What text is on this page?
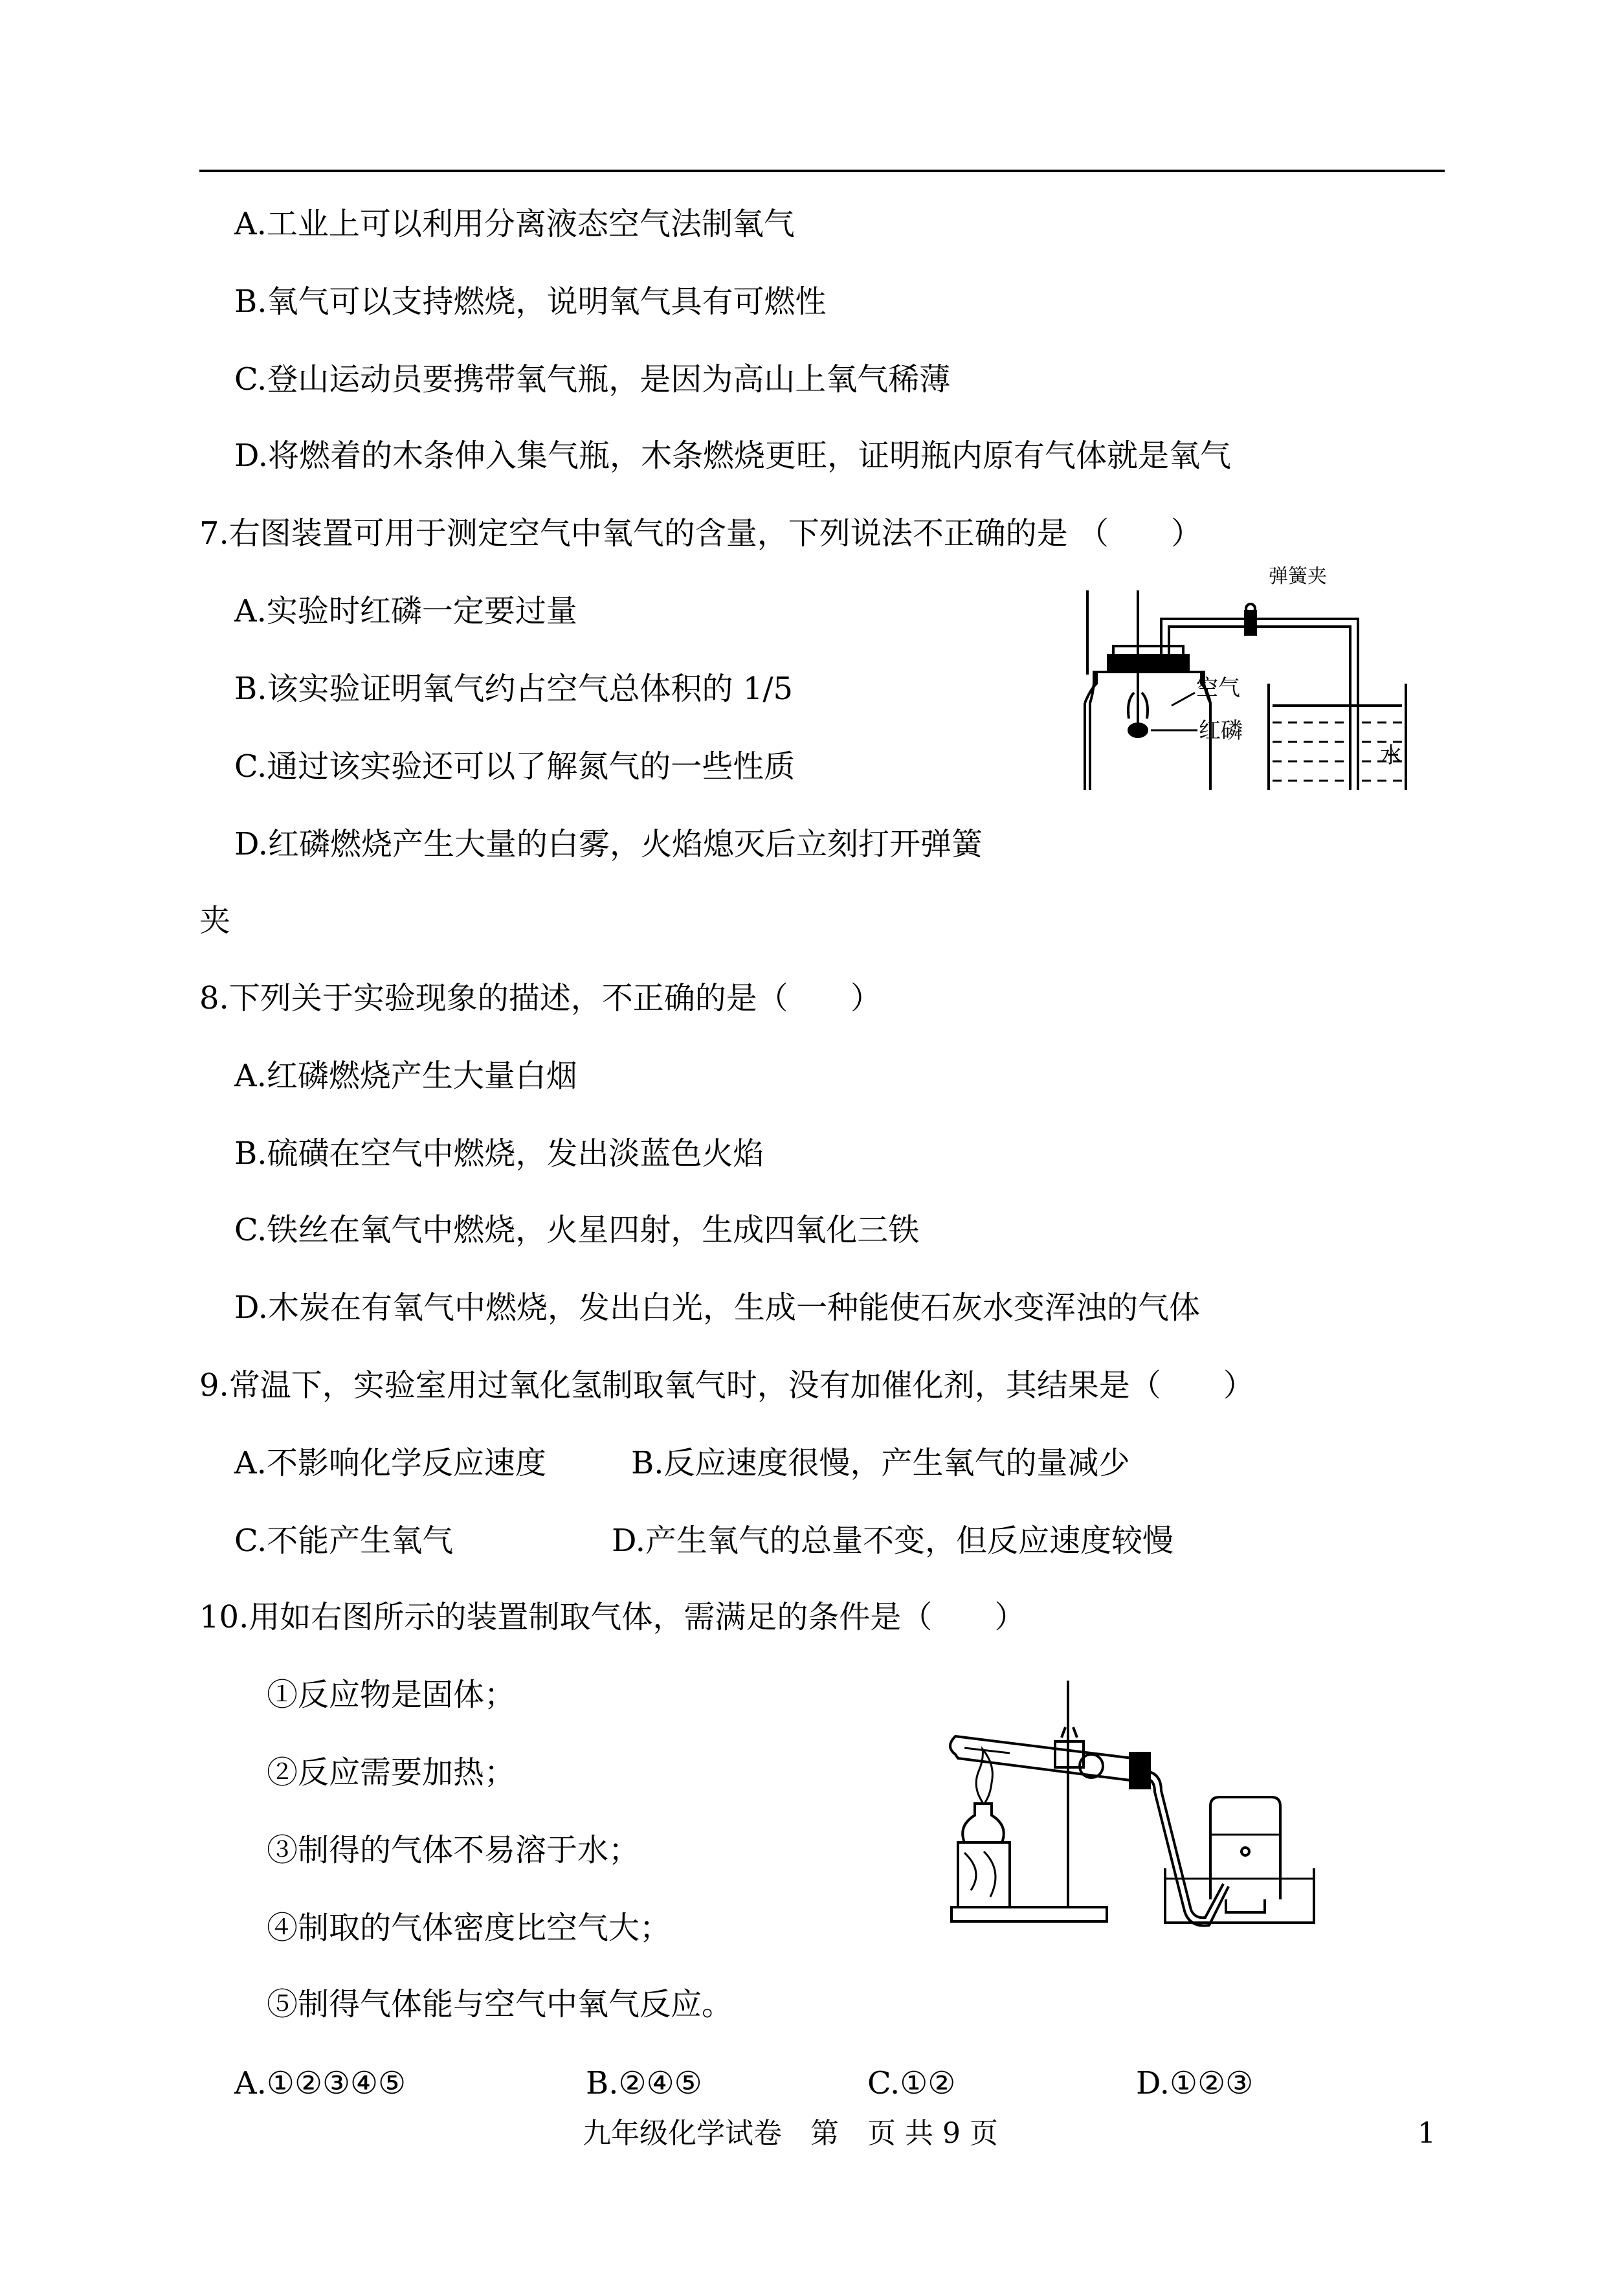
A.工业上可以利用分离液态空气法制氧气
B.氧气可以支持燃烧，说明氧气具有可燃性
C.登山运动员要携带氧气瓶，是因为高山上氧气稀薄
D.将燃着的木条伸入集气瓶，木条燃烧更旺，证明瓶内原有气体就是氧气
7.右图装置可用于测定空气中氧气的含量，下列说法不正确的是 （　　）
A.实验时红磷一定要过量
B.该实验证明氧气约占空气总体积的 1/5
C.通过该实验还可以了解氮气的一些性质
D.红磷燃烧产生大量的白雾，火焰熄灭后立刻打开弹簧
夹
弹簧夹
空气
红磷
水
8.下列关于实验现象的描述，不正确的是（　　）
A.红磷燃烧产生大量白烟
B.硫磺在空气中燃烧，发出淡蓝色火焰
C.铁丝在氧气中燃烧，火星四射，生成四氧化三铁
D.木炭在有氧气中燃烧，发出白光，生成一种能使石灰水变浑浊的气体
9.常温下，实验室用过氧化氢制取氧气时，没有加催化剂，其结果是（　　）
A.不影响化学反应速度	B.反应速度很慢，产生氧气的量减少
C.不能产生氧气	D.产生氧气的总量不变，但反应速度较慢
10.用如右图所示的装置制取气体，需满足的条件是（　　）
①反应物是固体；
②反应需要加热；
③制得的气体不易溶于水；
④制取的气体密度比空气大；
⑤制得气体能与空气中氧气反应。
A.①②③④⑤	B.②④⑤	C.①②	D.①②③
九年级化学试卷　第　页 共 9 页	1
